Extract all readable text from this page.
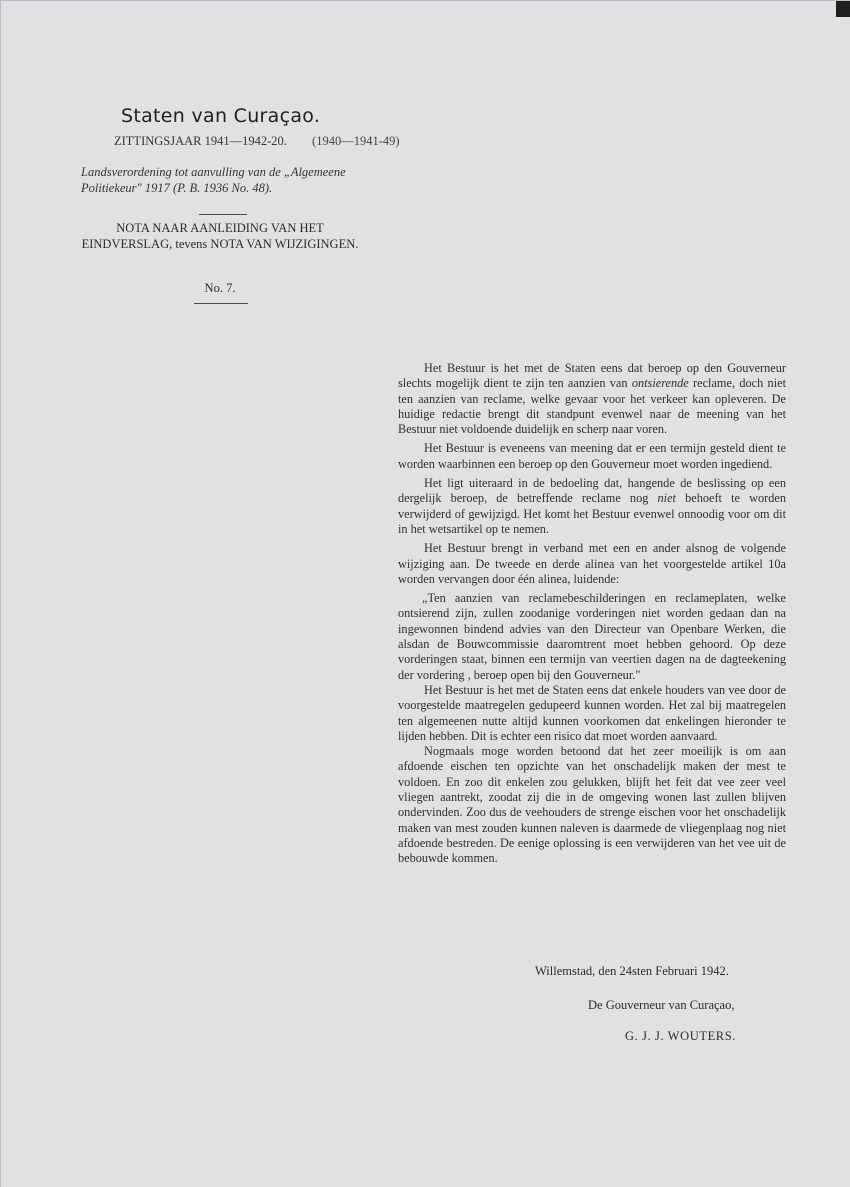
Staten van Curaçao.
ZITTINGSJAAR 1941—1942-20. (1940—1941-49)
Landsverordening tot aanvulling van de „Algemeene Politiekeur" 1917 (P. B. 1936 No. 48).
NOTA NAAR AANLEIDING VAN HET EINDVERSLAG, tevens NOTA VAN WIJZIGINGEN.
No. 7.

Het Bestuur is het met de Staten eens dat beroep op den Gouverneur slechts mogelijk dient te zijn ten aanzien van ontsierende reclame, doch niet ten aanzien van reclame, welke gevaar voor het verkeer kan opleveren. De huidige redactie brengt dit standpunt evenwel naar de meening van het Bestuur niet voldoende duidelijk en scherp naar voren.

Het Bestuur is eveneens van meening dat er een termijn gesteld dient te worden waarbinnen een beroep op den Gouverneur moet worden ingediend.

Het ligt uiteraard in de bedoeling dat, hangende de beslissing op een dergelijk beroep, de betreffende reclame nog niet behoeft te worden verwijderd of gewijzigd. Het komt het Bestuur evenwel onnoodig voor om dit in het wetsartikel op te nemen.

Het Bestuur brengt in verband met een en ander alsnog de volgende wijziging aan. De tweede en derde alinea van het voorgestelde artikel 10a worden vervangen door één alinea, luidende:

„Ten aanzien van reclamebeschilderingen en reclameplaten, welke ontsierend zijn, zullen zoodanige vorderingen niet worden gedaan dan na ingewonnen bindend advies van den Directeur van Openbare Werken, die alsdan de Bouwcommissie daaromtrent moet hebben gehoord. Op deze vorderingen staat, binnen een termijn van veertien dagen na de dagteekening der vordering , beroep open bij den Gouverneur."

Het Bestuur is het met de Staten eens dat enkele houders van vee door de voorgestelde maatregelen gedupeerd kunnen worden. Het zal bij maatregelen ten algemeenen nutte altijd kunnen voorkomen dat enkelingen hieronder te lijden hebben. Dit is echter een risico dat moet worden aanvaard.

Nogmaals moge worden betoond dat het zeer moeilijk is om aan afdoende eischen ten opzichte van het onschadelijk maken der mest te voldoen. En zoo dit enkelen zou gelukken, blijft het feit dat vee zeer veel vliegen aantrekt, zoodat zij die in de omgeving wonen last zullen blijven ondervinden. Zoo dus de veehouders de strenge eischen voor het onschadelijk maken van mest zouden kunnen naleven is daarmede de vliegenplaag nog niet afdoende bestreden. De eenige oplossing is een verwijderen van het vee uit de bebouwde kommen.

Willemstad, den 24sten Februari 1942.
De Gouverneur van Curaçao,
G. J. J. WOUTERS.
